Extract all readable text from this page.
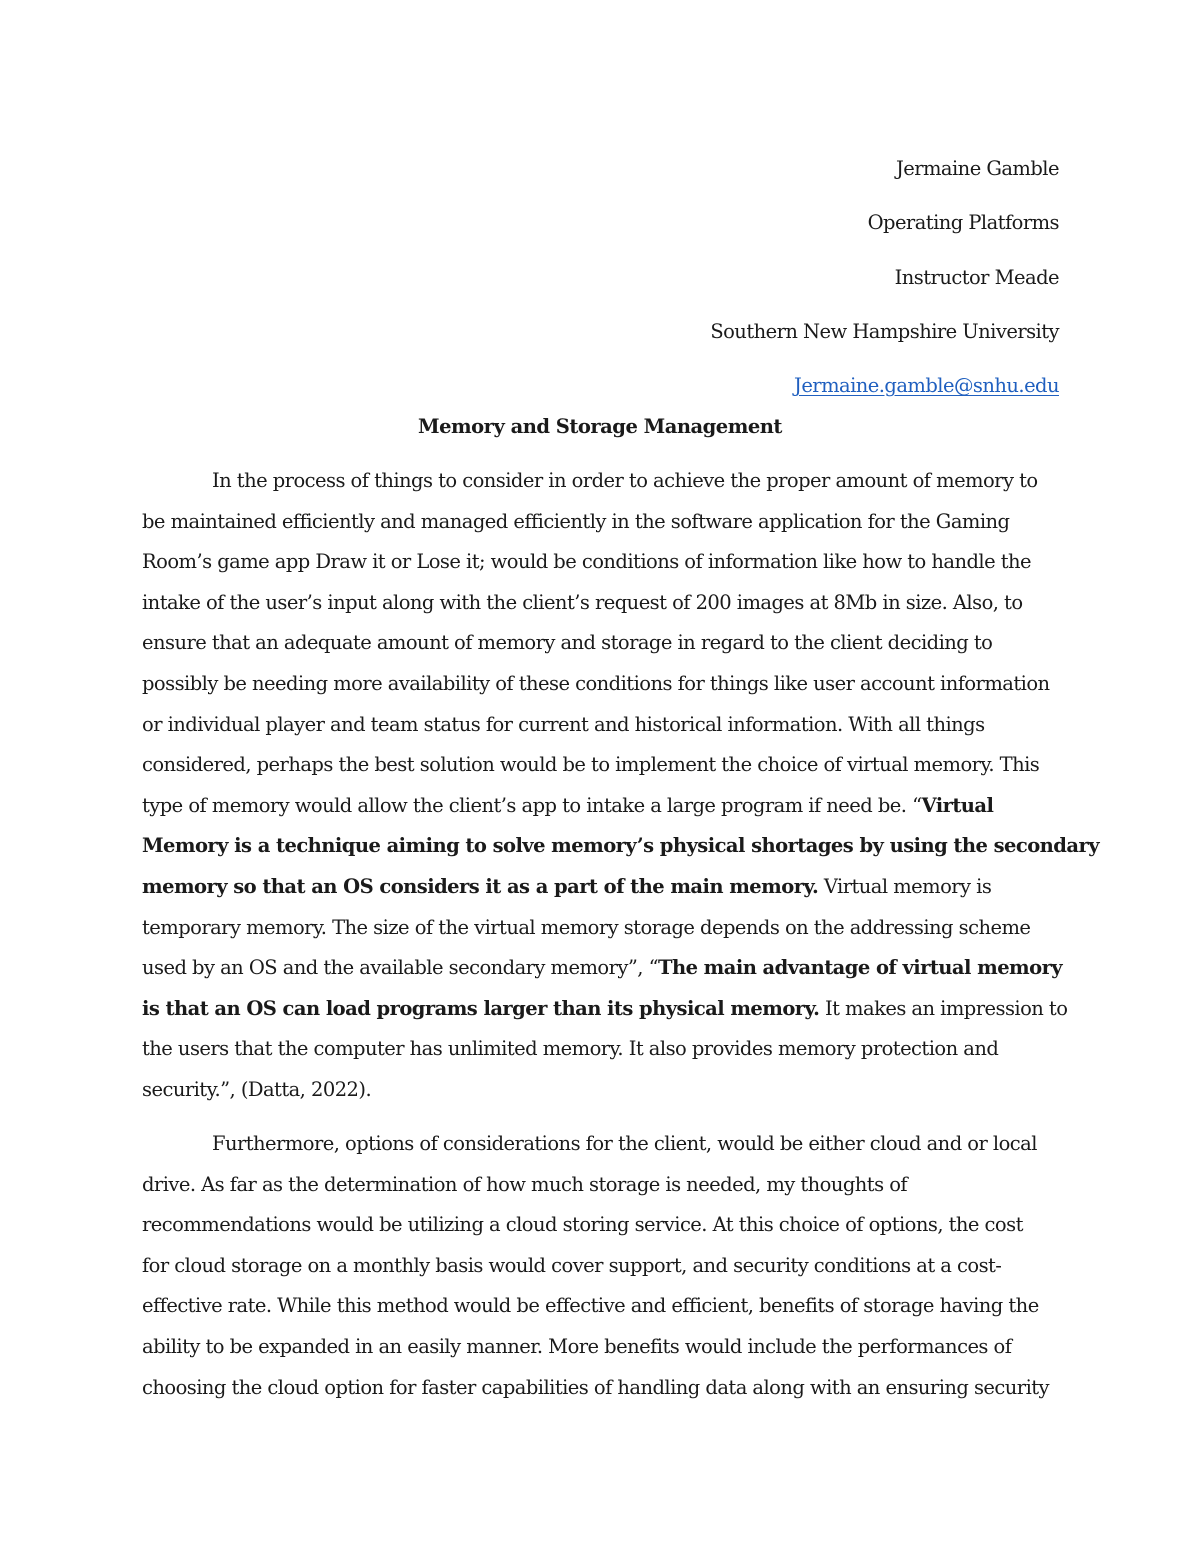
Jermaine Gamble
Operating Platforms
Instructor Meade
Southern New Hampshire University
Jermaine.gamble@snhu.edu
Memory and Storage Management
In the process of things to consider in order to achieve the proper amount of memory to
be maintained efficiently and managed efficiently in the software application for the Gaming
Room’s game app Draw it or Lose it; would be conditions of information like how to handle the
intake of the user’s input along with the client’s request of 200 images at 8Mb in size. Also, to
ensure that an adequate amount of memory and storage in regard to the client deciding to
possibly be needing more availability of these conditions for things like user account information
or individual player and team status for current and historical information. With all things
considered, perhaps the best solution would be to implement the choice of virtual memory. This
type of memory would allow the client’s app to intake a large program if need be. “Virtual
Memory is a technique aiming to solve memory’s physical shortages by using the secondary
memory so that an OS considers it as a part of the main memory. Virtual memory is
temporary memory. The size of the virtual memory storage depends on the addressing scheme
used by an OS and the available secondary memory”, “The main advantage of virtual memory
is that an OS can load programs larger than its physical memory. It makes an impression to
the users that the computer has unlimited memory. It also provides memory protection and
security.”, (Datta, 2022).
Furthermore, options of considerations for the client, would be either cloud and or local
drive. As far as the determination of how much storage is needed, my thoughts of
recommendations would be utilizing a cloud storing service. At this choice of options, the cost
for cloud storage on a monthly basis would cover support, and security conditions at a cost-
effective rate. While this method would be effective and efficient, benefits of storage having the
ability to be expanded in an easily manner. More benefits would include the performances of
choosing the cloud option for faster capabilities of handling data along with an ensuring security
